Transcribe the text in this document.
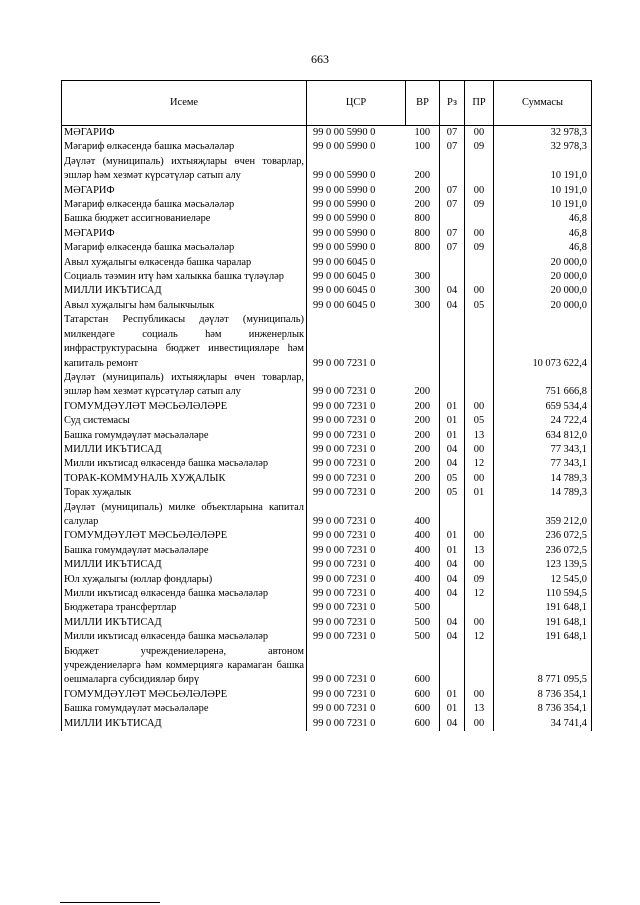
663
Исеме	ЦСР	ВР	Рз	ПР	Суммасы
МӘГАРИФ	99 0 00 5990 0	100	07	00	32 978,3
Мәгариф өлкәсендә башка мәсьәләләр	99 0 00 5990 0	100	07	09	32 978,3
Дәүләт (муниципаль) ихтыяҗлары өчен товарлар, эшләр һәм хезмәт күрсәтүләр сатып алу	99 0 00 5990 0	200			10 191,0
МӘГАРИФ	99 0 00 5990 0	200	07	00	10 191,0
Мәгариф өлкәсендә башка мәсьәләләр	99 0 00 5990 0	200	07	09	10 191,0
Башка бюджет ассигнованиеләре	99 0 00 5990 0	800			46,8
МӘГАРИФ	99 0 00 5990 0	800	07	00	46,8
Мәгариф өлкәсендә башка мәсьәләләр	99 0 00 5990 0	800	07	09	46,8
Авыл хуҗалыгы өлкәсендә башка чаралар	99 0 00 6045 0				20 000,0
Социаль тәэмин итү һәм халыкка башка түләүләр	99 0 00 6045 0	300			20 000,0
МИЛЛИ ИКЪТИСАД	99 0 00 6045 0	300	04	00	20 000,0
Авыл хуҗалыгы һәм балыкчылык	99 0 00 6045 0	300	04	05	20 000,0
Татарстан Республикасы дәүләт (муниципаль) милкендәге социаль һәм инженерлык инфраструктурасына бюджет инвестицияләре һәм капиталь ремонт	99 0 00 7231 0				10 073 622,4
Дәүләт (муниципаль) ихтыяҗлары өчен товарлар, эшләр һәм хезмәт күрсәтүләр сатып алу	99 0 00 7231 0	200			751 666,8
ГОМУМДӘҮЛӘТ МӘСЬӘЛӘЛӘРЕ	99 0 00 7231 0	200	01	00	659 534,4
Суд системасы	99 0 00 7231 0	200	01	05	24 722,4
Башка гомумдәүләт мәсьәләләре	99 0 00 7231 0	200	01	13	634 812,0
МИЛЛИ ИКЪТИСАД	99 0 00 7231 0	200	04	00	77 343,1
Милли икътисад өлкәсендә башка мәсьәләләр	99 0 00 7231 0	200	04	12	77 343,1
ТОРАК-КОММУНАЛЬ ХУҖАЛЫК	99 0 00 7231 0	200	05	00	14 789,3
Торак хуҗалык	99 0 00 7231 0	200	05	01	14 789,3
Дәүләт (муниципаль) милке объектларына капитал салулар	99 0 00 7231 0	400			359 212,0
ГОМУМДӘҮЛӘТ МӘСЬӘЛӘЛӘРЕ	99 0 00 7231 0	400	01	00	236 072,5
Башка гомумдәүләт мәсьәләләре	99 0 00 7231 0	400	01	13	236 072,5
МИЛЛИ ИКЪТИСАД	99 0 00 7231 0	400	04	00	123 139,5
Юл хуҗалыгы (юллар фондлары)	99 0 00 7231 0	400	04	09	12 545,0
Милли икътисад өлкәсендә башка мәсьәләләр	99 0 00 7231 0	400	04	12	110 594,5
Бюджетара трансфертлар	99 0 00 7231 0	500			191 648,1
МИЛЛИ ИКЪТИСАД	99 0 00 7231 0	500	04	00	191 648,1
Милли икътисад өлкәсендә башка мәсьәләләр	99 0 00 7231 0	500	04	12	191 648,1
Бюджет учреждениеләренә, автоном учреждениеләргә һәм коммерциягә карамаган башка оешмаларга субсидияләр бирү	99 0 00 7231 0	600			8 771 095,5
ГОМУМДӘҮЛӘТ МӘСЬӘЛӘЛӘРЕ	99 0 00 7231 0	600	01	00	8 736 354,1
Башка гомумдәүләт мәсьәләләре	99 0 00 7231 0	600	01	13	8 736 354,1
МИЛЛИ ИКЪТИСАД	99 0 00 7231 0	600	04	00	34 741,4
